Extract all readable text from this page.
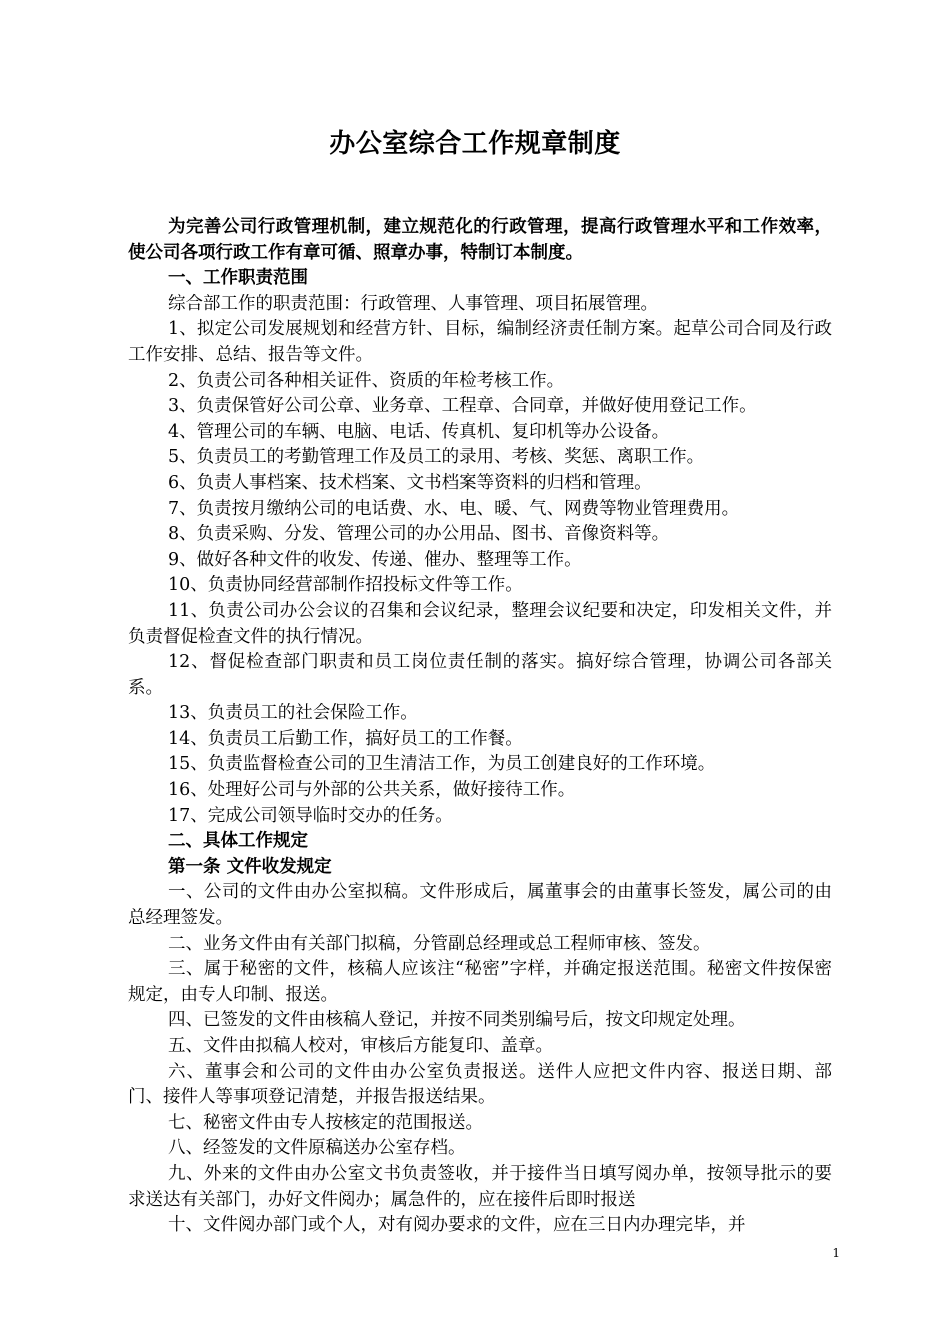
办公室综合工作规章制度

为完善公司行政管理机制，建立规范化的行政管理，提高行政管理水平和工作效率，使公司各项行政工作有章可循、照章办事，特制订本制度。

一、工作职责范围

综合部工作的职责范围：行政管理、人事管理、项目拓展管理。

1、拟定公司发展规划和经营方针、目标，编制经济责任制方案。起草公司合同及行政工作安排、总结、报告等文件。

2、负责公司各种相关证件、资质的年检考核工作。

3、负责保管好公司公章、业务章、工程章、合同章，并做好使用登记工作。

4、管理公司的车辆、电脑、电话、传真机、复印机等办公设备。

5、负责员工的考勤管理工作及员工的录用、考核、奖惩、离职工作。

6、负责人事档案、技术档案、文书档案等资料的归档和管理。

7、负责按月缴纳公司的电话费、水、电、暖、气、网费等物业管理费用。

8、负责采购、分发、管理公司的办公用品、图书、音像资料等。

9、做好各种文件的收发、传递、催办、整理等工作。

10、负责协同经营部制作招投标文件等工作。

11、负责公司办公会议的召集和会议纪录，整理会议纪要和决定，印发相关文件，并负责督促检查文件的执行情况。

12、督促检查部门职责和员工岗位责任制的落实。搞好综合管理，协调公司各部关系。

13、负责员工的社会保险工作。

14、负责员工后勤工作，搞好员工的工作餐。

15、负责监督检查公司的卫生清洁工作，为员工创建良好的工作环境。

16、处理好公司与外部的公共关系，做好接待工作。

17、完成公司领导临时交办的任务。

二、具体工作规定

第一条 文件收发规定

一、公司的文件由办公室拟稿。文件形成后，属董事会的由董事长签发，属公司的由总经理签发。

二、业务文件由有关部门拟稿，分管副总经理或总工程师审核、签发。

三、属于秘密的文件，核稿人应该注“秘密”字样，并确定报送范围。秘密文件按保密规定，由专人印制、报送。

四、已签发的文件由核稿人登记，并按不同类别编号后，按文印规定处理。

五、文件由拟稿人校对，审核后方能复印、盖章。

六、董事会和公司的文件由办公室负责报送。送件人应把文件内容、报送日期、部门、接件人等事项登记清楚，并报告报送结果。

七、秘密文件由专人按核定的范围报送。

八、经签发的文件原稿送办公室存档。

九、外来的文件由办公室文书负责签收，并于接件当日填写阅办单，按领导批示的要求送达有关部门，办好文件阅办；属急件的，应在接件后即时报送

十、文件阅办部门或个人，对有阅办要求的文件，应在三日内办理完毕，并

1
